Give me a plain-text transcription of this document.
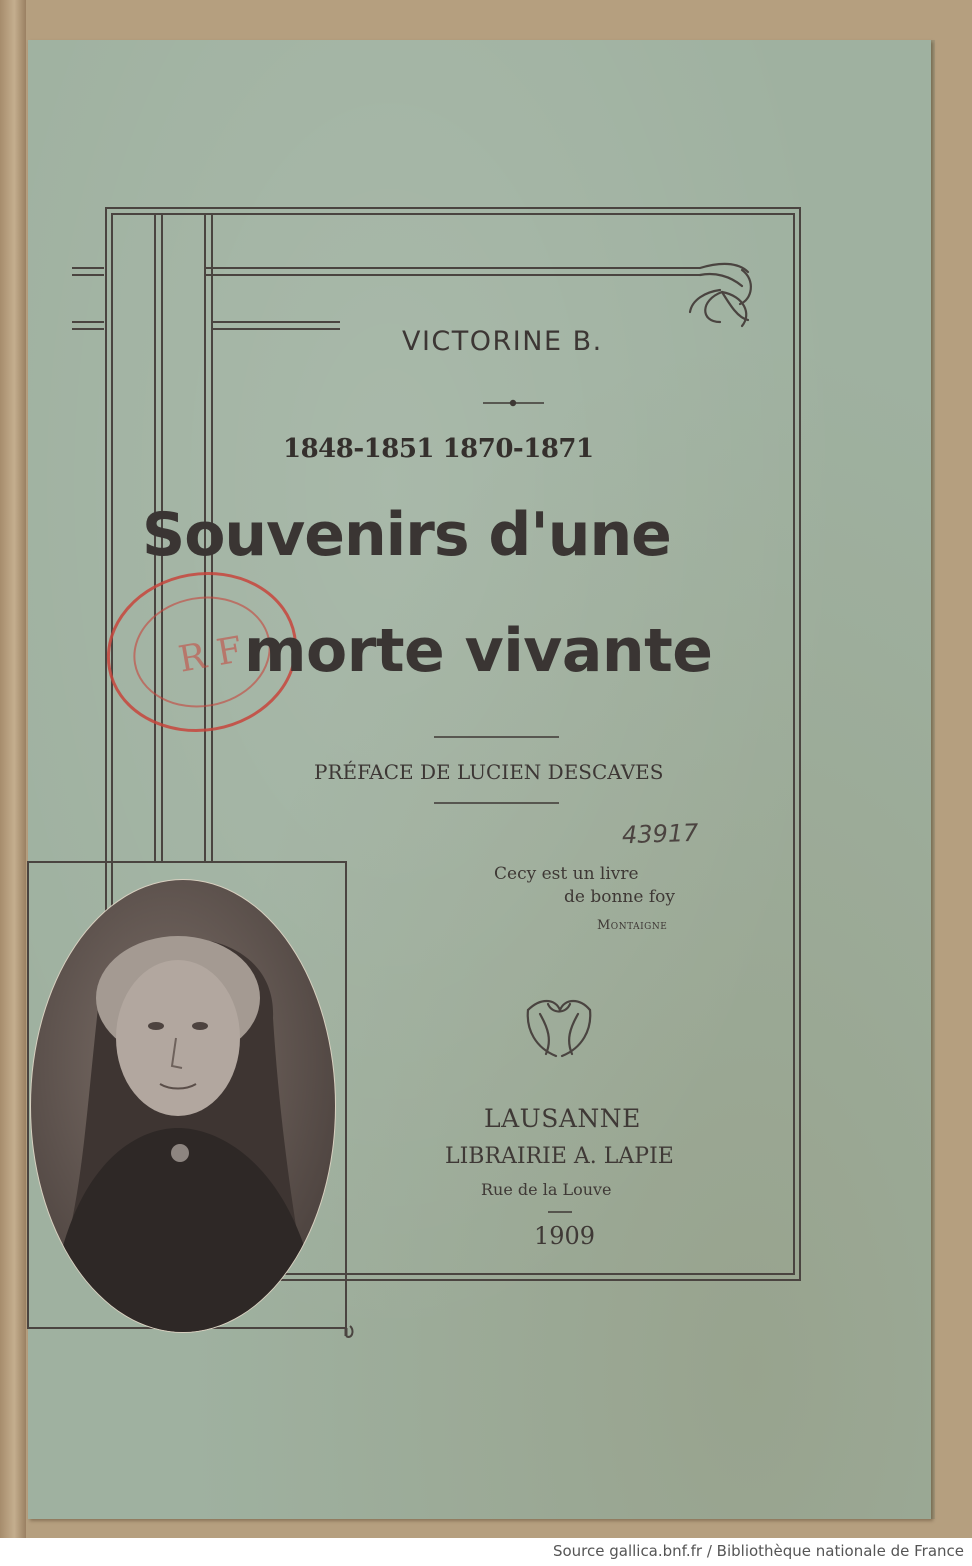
R F

VICTORINE B.

1848-1851 1870-1871

Souvenirs d'une

morte vivante

PRÉFACE DE LUCIEN DESCAVES

43917

Cecy est un livre

de bonne foy

Montaigne

LAUSANNE

LIBRAIRIE A. LAPIE

Rue de la Louve

1909

Source gallica.bnf.fr / Bibliothèque nationale de France
